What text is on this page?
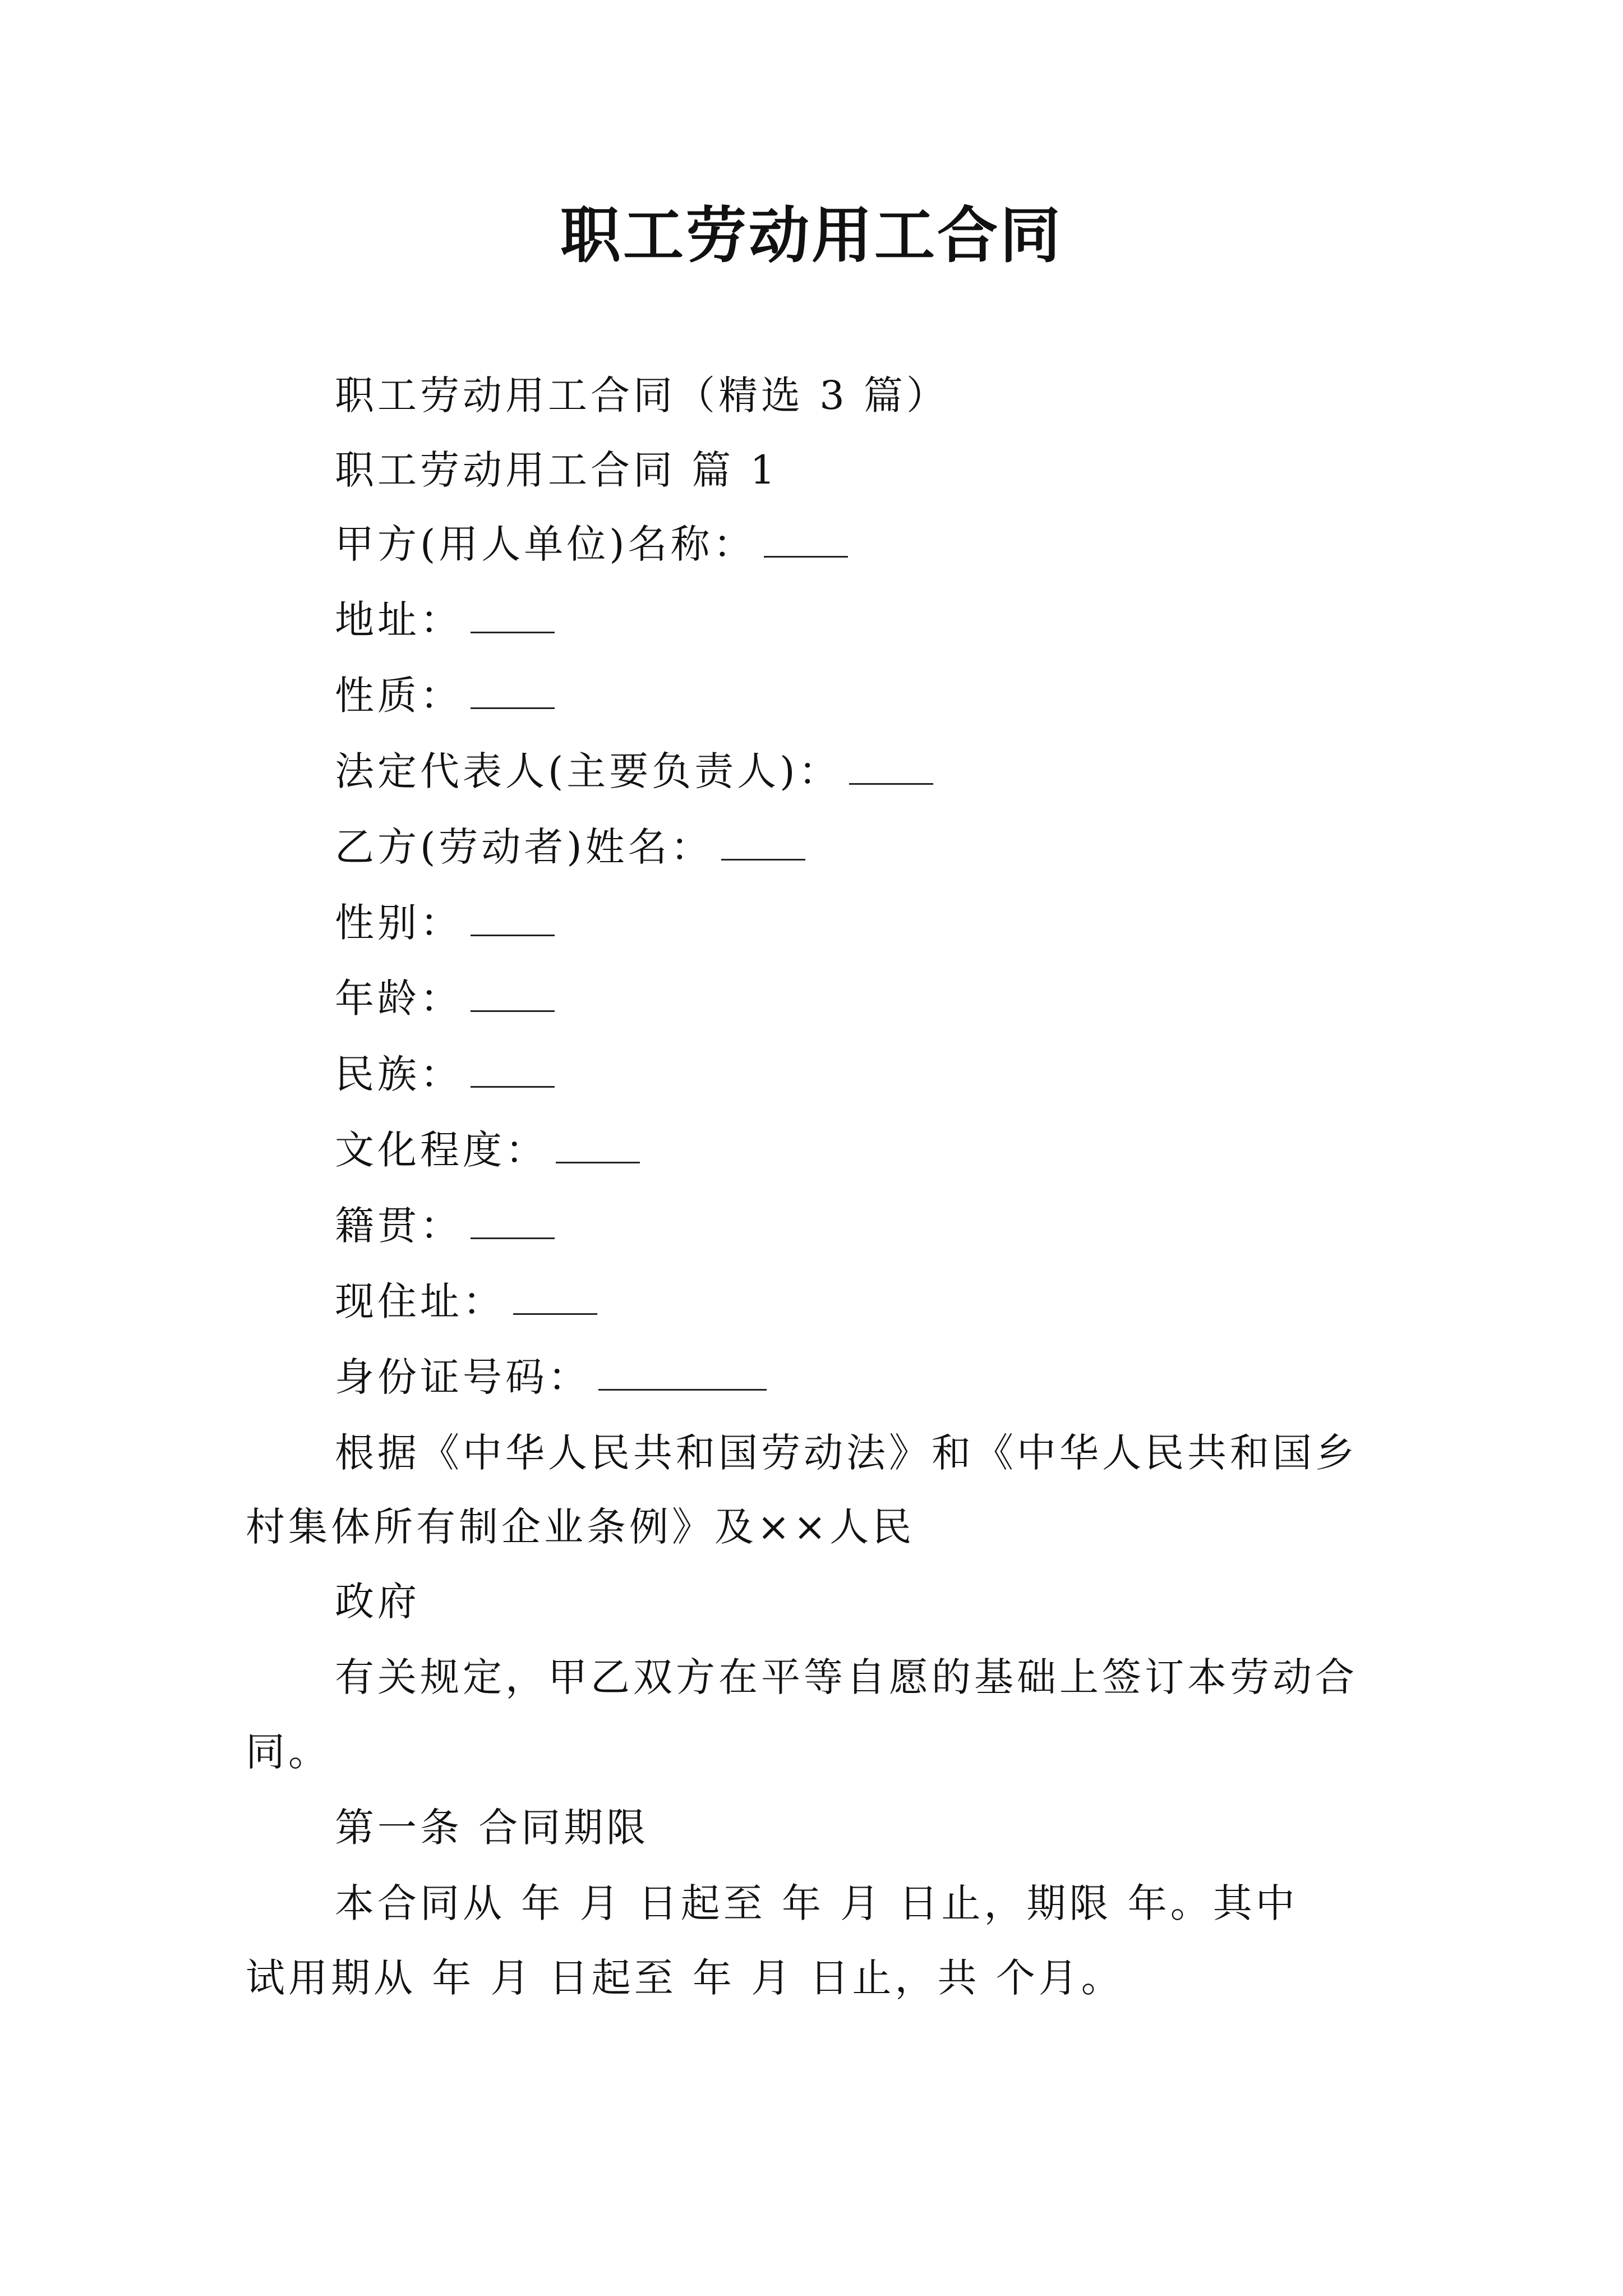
职工劳动用工合同
职工劳动用工合同（精选 3 篇）
职工劳动用工合同 篇 1
甲方(用人单位)名称：
地址：
性质：
法定代表人(主要负责人)：
乙方(劳动者)姓名：
性别：
年龄：
民族：
文化程度：
籍贯：
现住址：
身份证号码：
根据《中华人民共和国劳动法》和《中华人民共和国乡
村集体所有制企业条例》及××人民
政府
有关规定，甲乙双方在平等自愿的基础上签订本劳动合
同。
第一条 合同期限
本合同从 年 月 日起至 年 月 日止，期限 年。其中
试用期从 年 月 日起至 年 月 日止，共 个月。
